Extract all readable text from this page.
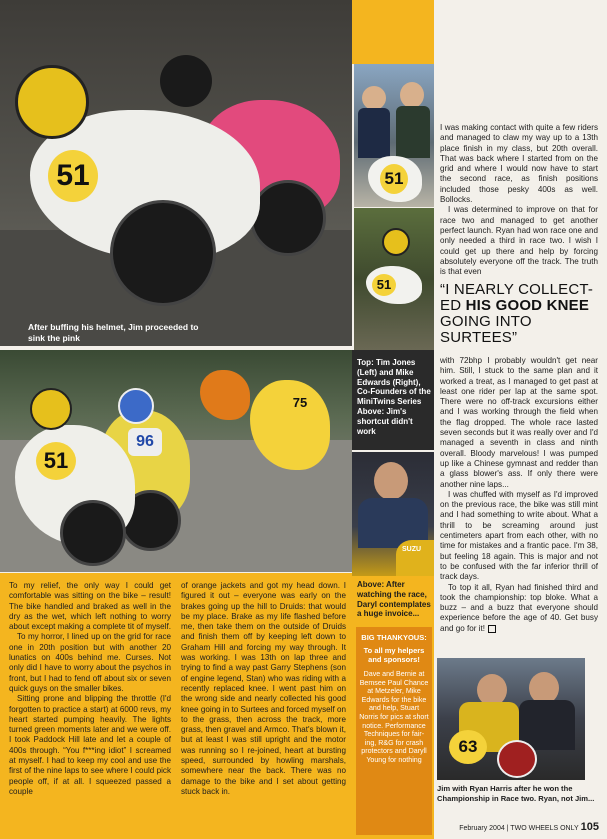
51
After buffing his helmet, Jim proceeded to sink the pink
51
51	“I NEARLY COLLECT-ED HIS GOOD KNEE GOING INTO SURTEES”
75
96
51
Top: Tim Jones (Left) and Mike Edwards (Right), Co-Founders of the MiniTwins Series Above: Jim's shortcut didn't work
SUZU
Above: After watching the race, Daryl contemplates a huge invoice...
BIG THANKYOUS:
To all my helpers and sponsors!
Dave and Bernie at Bemsee Paul Chance at Metzeler, Mike Edwards for the bike and help, Stuart Norris for pics at short notice. Performance Techniques for fair-ing, R&G for crash protectors and Daryll Young for nothing

To my relief, the only way I could get comfortable was sitting on the bike – result! The bike handled and braked as well in the dry as the wet, which left nothing to worry about except making a complete tit of myself.

To my horror, I lined up on the grid for race one in 20th position but with another 20 lunatics on 400s behind me. Curses. Not only did I have to worry about the psychos in front, but I had to fend off about six or seven quick guys on the smaller bikes.

Sitting prone and blipping the throttle (I'd forgotten to practice a start) at 6000 revs, my heart started pumping heavily. The lights turned green moments later and we were off. I took Paddock Hill late and let a couple of 400s through. “You f***ing idiot” I screamed at myself. I had to keep my cool and use the first of the nine laps to see where I could pick people off, if at all. I squeezed passed a couple

of orange jackets and got my head down. I figured it out – everyone was early on the brakes going up the hill to Druids: that would be my place. Brake as my life flashed before me, then take them on the outside of Druids and finish them off by keeping left down to Graham Hill and forcing my way through. It was working. I was 13th on lap three and trying to find a way past Garry Stephens (son of engine legend, Stan) who was riding with a recently replaced knee. I went past him on the wrong side and nearly collected his good knee going in to Surtees and forced myself on to the grass, then across the track, more grass, then gravel and Armco. That's blown it, but at least I was still upright and the motor was running so I re-joined, heart at bursting speed, surrounded by howling marshals, somewhere near the back. There was no damage to the bike and I set about getting stuck back in.

I was making contact with quite a few riders and managed to claw my way up to a 13th place finish in my class, but 20th overall. That was back where I started from on the grid and where I would now have to start the second race, as finish positions included those pesky 400s as well. Bollocks.

I was determined to improve on that for race two and managed to get another perfect launch. Ryan had won race one and only needed a third in race two. I wish I could get up there and help by forcing absolutely everyone off the track. The truth is that even

with 72bhp I probably wouldn't get near him. Still, I stuck to the same plan and it worked a treat, as I managed to get past at least one rider per lap at the same spot. There were no off-track excursions either and I was working through the field when the flag dropped. The whole race lasted seven seconds but it was really over and I'd managed a seventh in class and ninth overall. Bloody marvelous! I was pumped up like a Chinese gymnast and redder than a glass blower's ass. If only there were another nine laps...

I was chuffed with myself as I'd improved on the previous race, the bike was still mint and I had something to write about. What a thrill to be screaming around just centimeters apart from each other, with no time for mistakes and a frantic pace. I'm 38, but feeling 18 again. This is major and not to be confused with the far inferior thrill of track days.

To top it all, Ryan had finished third and took the championship: top bloke. What a buzz – and a buzz that everyone should experience before the age of 40. Get busy and go for it!

63
Jim with Ryan Harris after he won the Championship in Race two. Ryan, not Jim...
February 2004 | TWO WHEELS ONLY 105
